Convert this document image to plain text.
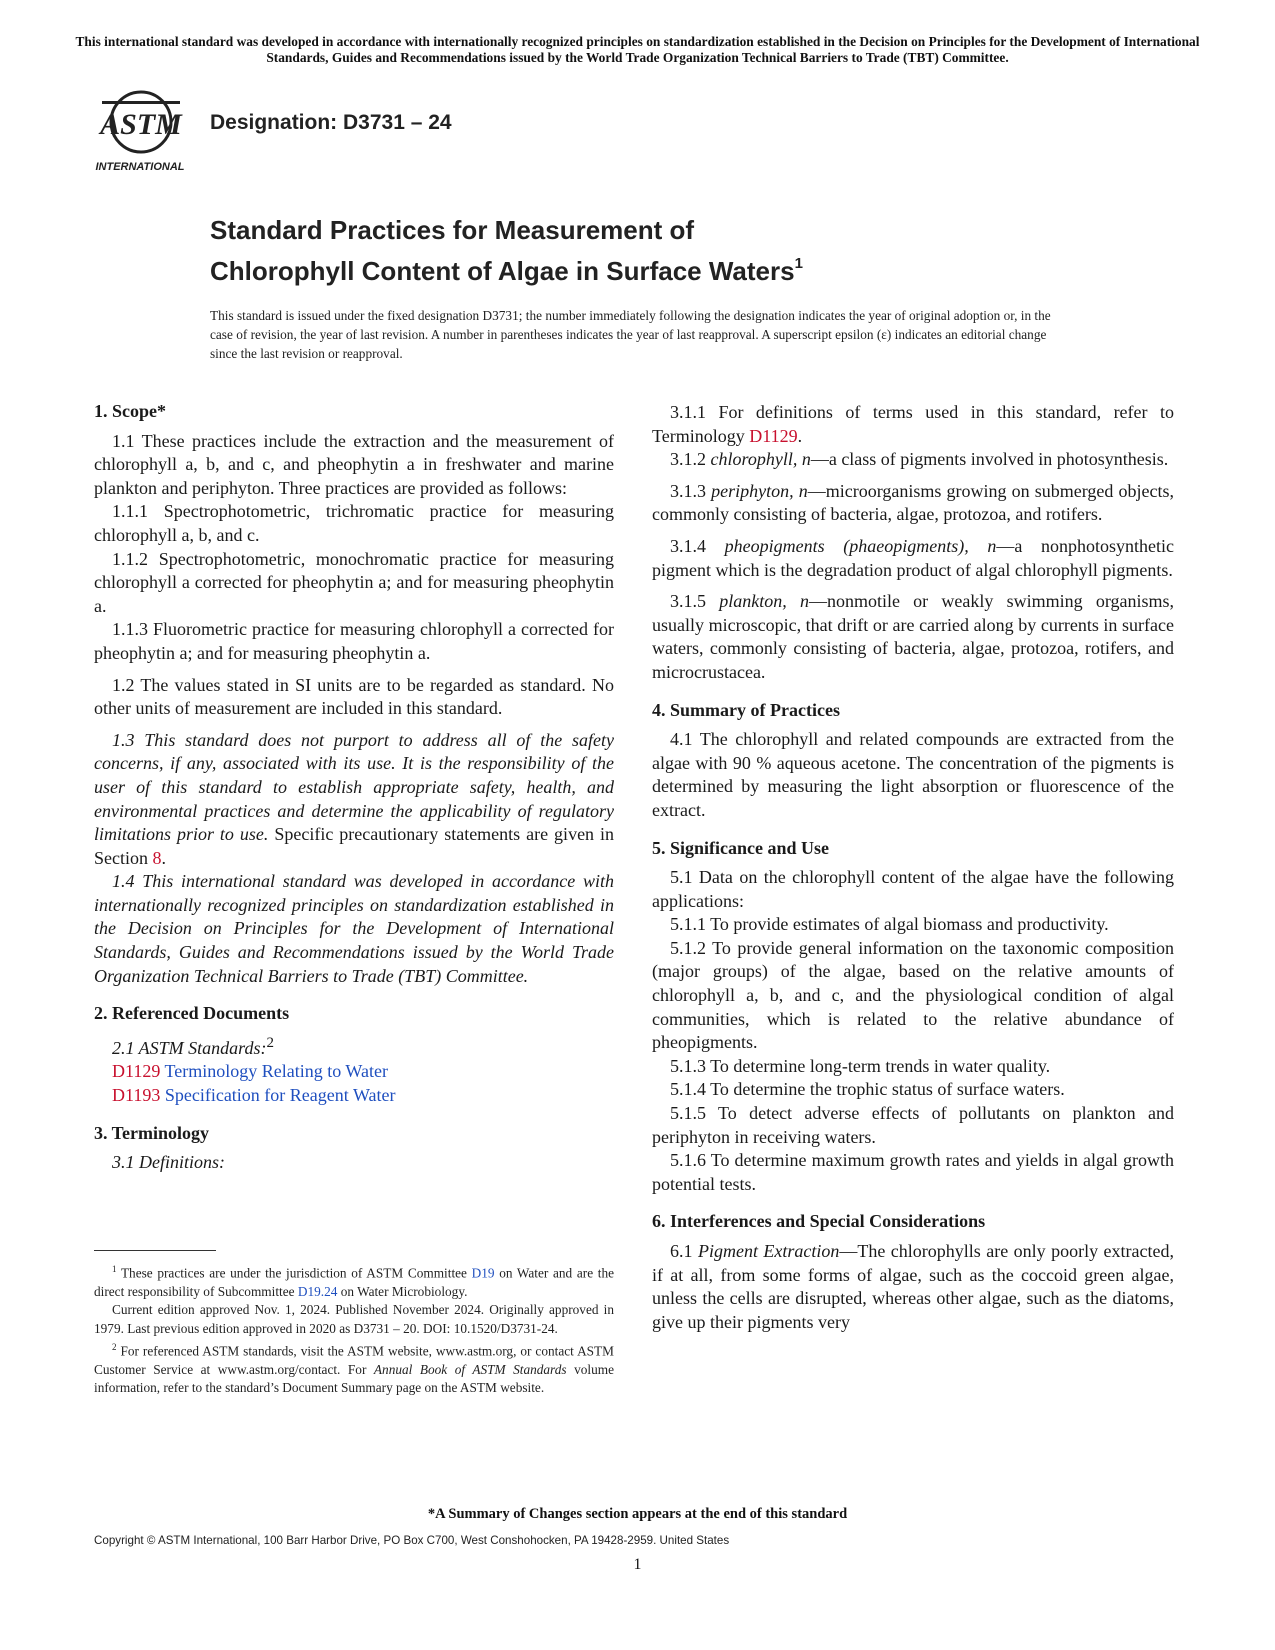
This international standard was developed in accordance with internationally recognized principles on standardization established in the Decision on Principles for the Development of International Standards, Guides and Recommendations issued by the World Trade Organization Technical Barriers to Trade (TBT) Committee.
ASTM
INTERNATIONAL
Designation: D3731 – 24
Standard Practices for Measurement of
Chlorophyll Content of Algae in Surface Waters$^1$
This standard is issued under the fixed designation D3731; the number immediately following the designation indicates the year of original adoption or, in the case of revision, the year of last revision. A number in parentheses indicates the year of last reapproval. A superscript epsilon (ε) indicates an editorial change since the last revision or reapproval.
1. Scope*

1.1 These practices include the extraction and the measurement of chlorophyll a, b, and c, and pheophytin a in freshwater and marine plankton and periphyton. Three practices are provided as follows:

1.1.1 Spectrophotometric, trichromatic practice for measuring chlorophyll a, b, and c.

1.1.2 Spectrophotometric, monochromatic practice for measuring chlorophyll a corrected for pheophytin a; and for measuring pheophytin a.

1.1.3 Fluorometric practice for measuring chlorophyll a corrected for pheophytin a; and for measuring pheophytin a.

1.2 The values stated in SI units are to be regarded as standard. No other units of measurement are included in this standard.

1.3 This standard does not purport to address all of the safety concerns, if any, associated with its use. It is the responsibility of the user of this standard to establish appropriate safety, health, and environmental practices and determine the applicability of regulatory limitations prior to use. Specific precautionary statements are given in Section 8.

1.4 This international standard was developed in accordance with internationally recognized principles on standardization established in the Decision on Principles for the Development of International Standards, Guides and Recommendations issued by the World Trade Organization Technical Barriers to Trade (TBT) Committee.

2. Referenced Documents

2.1 ASTM Standards:$^2$

D1129 Terminology Relating to Water
D1193 Specification for Reagent Water
3. Terminology

3.1 Definitions:

$^1$ These practices are under the jurisdiction of ASTM Committee D19 on Water and are the direct responsibility of Subcommittee D19.24 on Water Microbiology.

Current edition approved Nov. 1, 2024. Published November 2024. Originally approved in 1979. Last previous edition approved in 2020 as D3731 – 20. DOI: 10.1520/D3731-24.

$^2$ For referenced ASTM standards, visit the ASTM website, www.astm.org, or contact ASTM Customer Service at www.astm.org/contact. For Annual Book of ASTM Standards volume information, refer to the standard’s Document Summary page on the ASTM website.

3.1.1 For definitions of terms used in this standard, refer to Terminology D1129.

3.1.2 chlorophyll, n—a class of pigments involved in photosynthesis.

3.1.3 periphyton, n—microorganisms growing on submerged objects, commonly consisting of bacteria, algae, protozoa, and rotifers.

3.1.4 pheopigments (phaeopigments), n—a nonphotosynthetic pigment which is the degradation product of algal chlorophyll pigments.

3.1.5 plankton, n—nonmotile or weakly swimming organisms, usually microscopic, that drift or are carried along by currents in surface waters, commonly consisting of bacteria, algae, protozoa, rotifers, and microcrustacea.

4. Summary of Practices

4.1 The chlorophyll and related compounds are extracted from the algae with 90 % aqueous acetone. The concentration of the pigments is determined by measuring the light absorption or fluorescence of the extract.

5. Significance and Use

5.1 Data on the chlorophyll content of the algae have the following applications:

5.1.1 To provide estimates of algal biomass and productivity.

5.1.2 To provide general information on the taxonomic composition (major groups) of the algae, based on the relative amounts of chlorophyll a, b, and c, and the physiological condition of algal communities, which is related to the relative abundance of pheopigments.

5.1.3 To determine long-term trends in water quality.

5.1.4 To determine the trophic status of surface waters.

5.1.5 To detect adverse effects of pollutants on plankton and periphyton in receiving waters.

5.1.6 To determine maximum growth rates and yields in algal growth potential tests.

6. Interferences and Special Considerations

6.1 Pigment Extraction—The chlorophylls are only poorly extracted, if at all, from some forms of algae, such as the coccoid green algae, unless the cells are disrupted, whereas other algae, such as the diatoms, give up their pigments very

*A Summary of Changes section appears at the end of this standard
Copyright © ASTM International, 100 Barr Harbor Drive, PO Box C700, West Conshohocken, PA 19428-2959. United States
1
